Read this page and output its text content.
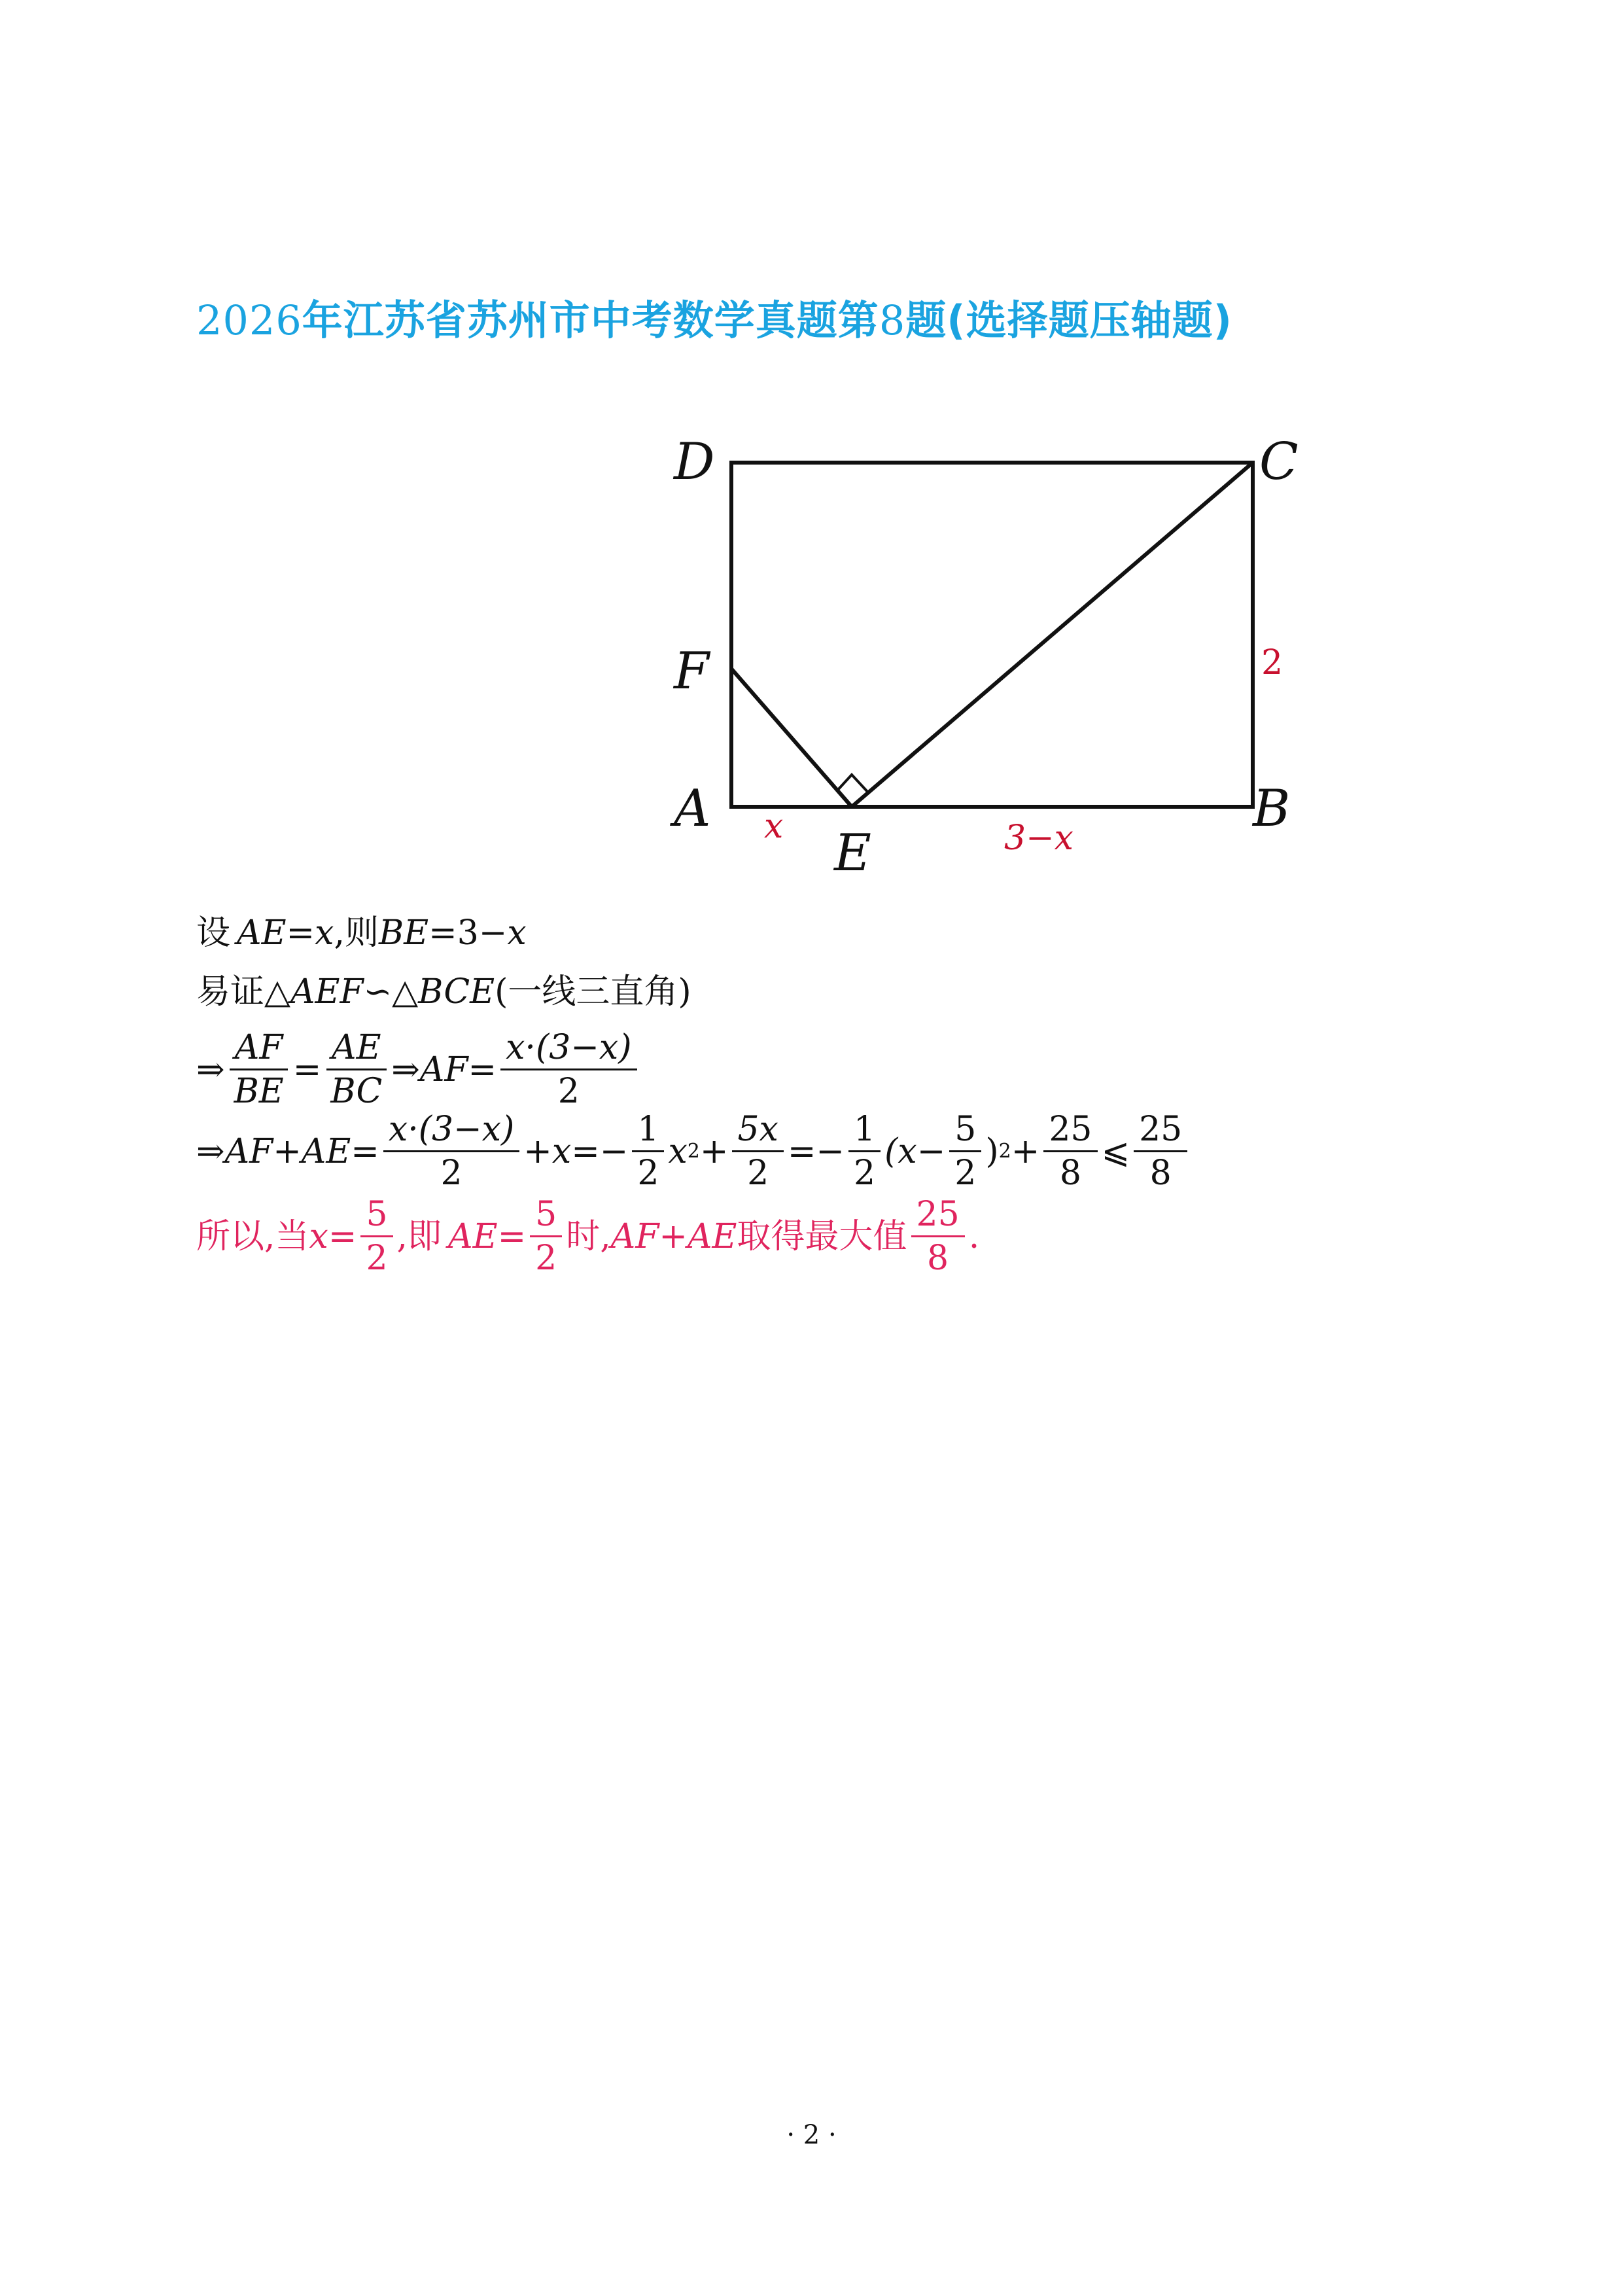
2026年江苏省苏州市中考数学真题第8题(选择题压轴题)
D	C
F
A
E
B
x	3−x
2
设 AE = x ,则 BE =3− x
易证△ AEF ∽△ BCE (一线三直角)
⇒ $\frac{AF}{BE} = \frac{AE}{BC}$ ⇒ AF = $\frac{x\cdot(3-x)}{2}$
⇒ $AF+AE = \frac{x\cdot(3-x)}{2} +x=- \frac{1}{2}$ x $2 + \frac{5x}{2} =- \frac{1}{2} (x- \frac{5}{2}$ ) $2 + \frac{25}{8}$ ⩽ $\frac{25}{8}$
所以,当 $x = \frac{5}{2}$ ,即 AE = $\frac{5}{2}$ 时, AF+AE 取得最大值 $\frac{25}{8}$ .
· 2 ·
